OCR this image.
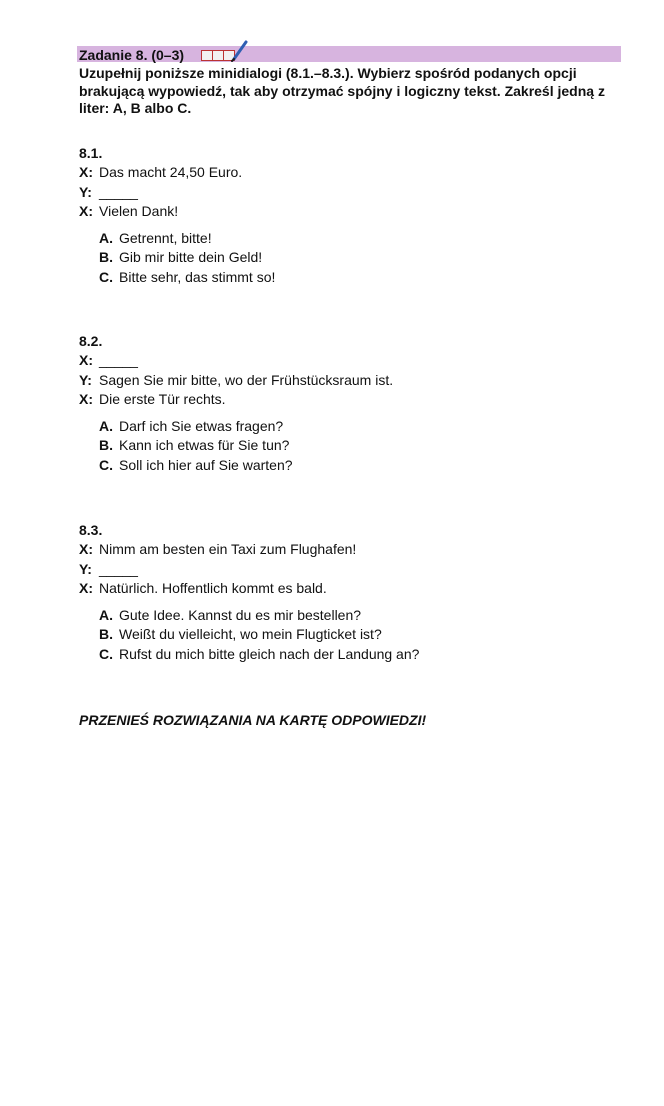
Zadanie 8. (0–3)
Uzupełnij poniższe minidialogi (8.1.–8.3.). Wybierz spośród podanych opcji brakującą wypowiedź, tak aby otrzymać spójny i logiczny tekst. Zakreśl jedną z liter: A, B albo C.
8.1.
X: Das macht 24,50 Euro.
Y: _____
X: Vielen Dank!
A. Getrennt, bitte!
B. Gib mir bitte dein Geld!
C. Bitte sehr, das stimmt so!
8.2.
X: _____
Y: Sagen Sie mir bitte, wo der Frühstücksraum ist.
X: Die erste Tür rechts.
A. Darf ich Sie etwas fragen?
B. Kann ich etwas für Sie tun?
C. Soll ich hier auf Sie warten?
8.3.
X: Nimm am besten ein Taxi zum Flughafen!
Y: _____
X: Natürlich. Hoffentlich kommt es bald.
A. Gute Idee. Kannst du es mir bestellen?
B. Weißt du vielleicht, wo mein Flugticket ist?
C. Rufst du mich bitte gleich nach der Landung an?
PRZENIEŚ ROZWIĄZANIA NA KARTĘ ODPOWIEDZI!
